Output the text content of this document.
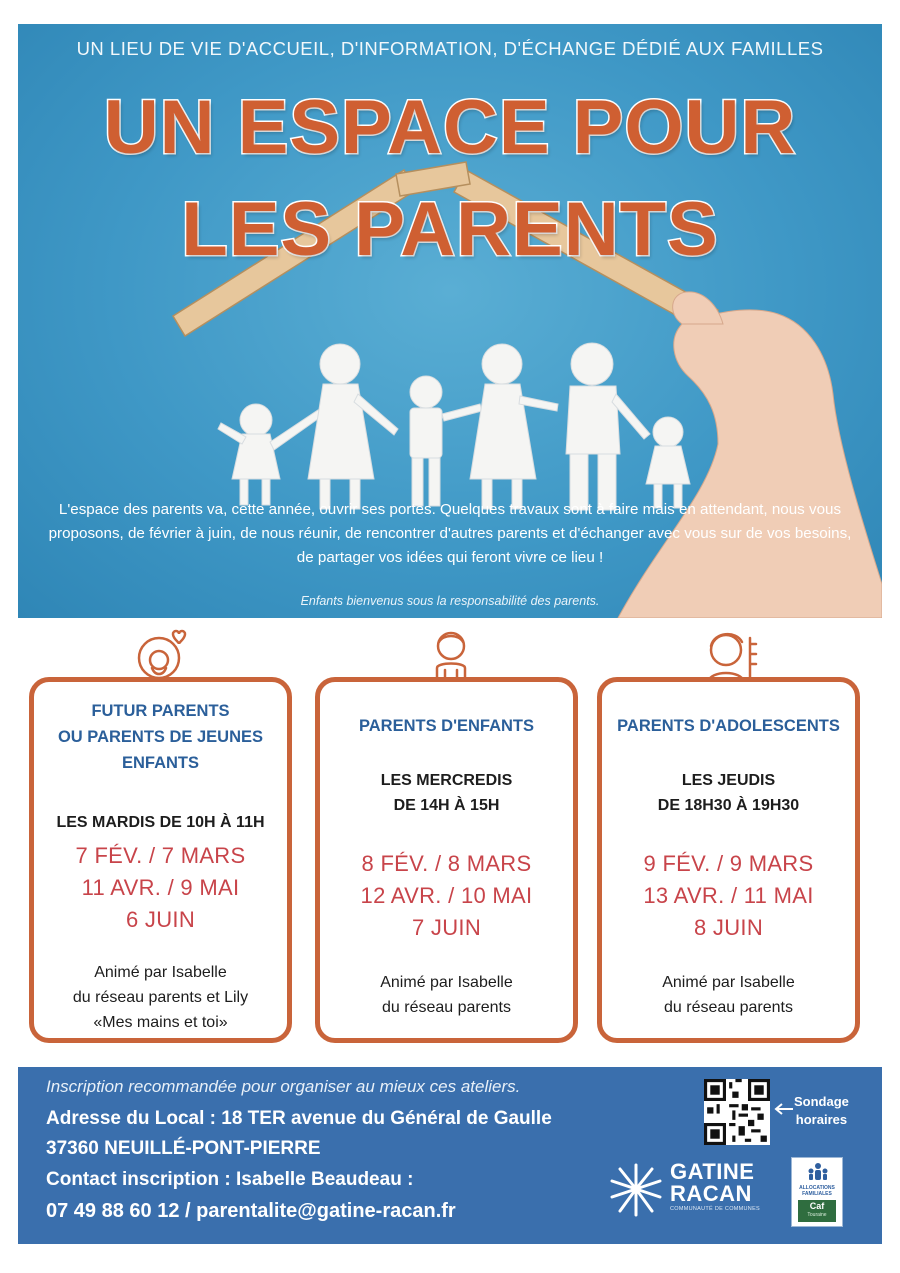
UN LIEU DE VIE D'ACCUEIL, D'INFORMATION, D'ÉCHANGE DÉDIÉ AUX FAMILLES
UN ESPACE POUR
LES PARENTS
L'espace des parents va, cette année, ouvrir ses portes. Quelques travaux sont à faire mais en attendant, nous vous proposons, de février à juin, de nous réunir, de rencontrer d'autres parents et d'échanger avec vous sur de vos besoins, de partager vos idées qui feront vivre ce lieu !
Enfants bienvenus sous la responsabilité des parents.
FUTUR PARENTS
OU PARENTS DE JEUNES
ENFANTS
LES MARDIS DE 10H À 11H
7 FÉV. / 7 MARS
11 AVR. / 9 MAI
6 JUIN
Animé par Isabelle
du réseau parents et Lily
«Mes mains et toi»
PARENTS D'ENFANTS
LES MERCREDIS
DE 14H À 15H
8 FÉV. / 8 MARS
12 AVR. / 10 MAI
7 JUIN
Animé par Isabelle
du réseau parents
PARENTS D'ADOLESCENTS
LES JEUDIS
DE 18H30 À 19H30
9 FÉV. / 9 MARS
13 AVR. / 11 MAI
8 JUIN
Animé par Isabelle
du réseau parents
Inscription recommandée pour organiser au mieux ces ateliers.
Adresse du Local : 18 TER avenue du Général de Gaulle
37360 NEUILLÉ-PONT-PIERRE
Contact inscription : Isabelle Beaudeau :
07 49 88 60 12 / parentalite@gatine-racan.fr
Sondage
horaires
GATINE
RACAN
COMMUNAUTÉ DE COMMUNES
ALLOCATIONS
FAMILIALES
Caf
Touraine
